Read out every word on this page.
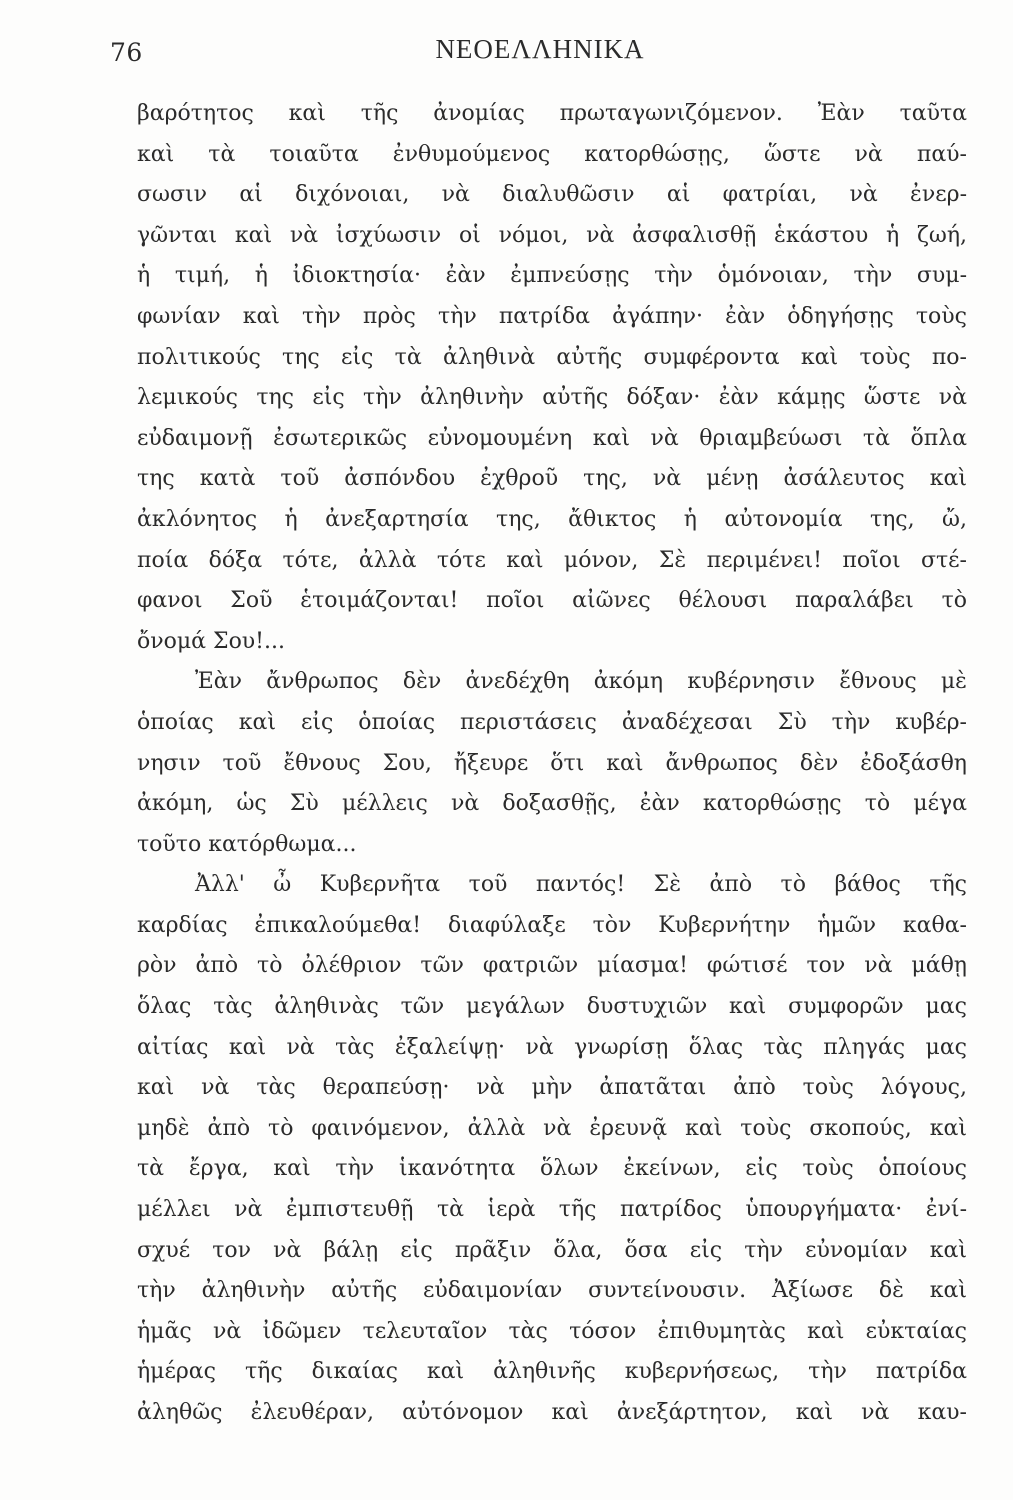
76	ΝΕΟΕΛΛΗΝΙΚΑ
βαρότητος καὶ τῆς ἀνομίας πρωταγωνιζόμενον. Ἐὰν ταῦτα
καὶ τὰ τοιαῦτα ἐνθυμούμενος κατορθώσῃς, ὥστε νὰ παύ-
σωσιν αἱ διχόνοιαι, νὰ διαλυθῶσιν αἱ φατρίαι, νὰ ἐνερ-
γῶνται καὶ νὰ ἰσχύωσιν οἱ νόμοι, νὰ ἀσφαλισθῇ ἑκάστου ἡ ζωή,
ἡ τιμή, ἡ ἰδιοκτησία· ἐὰν ἐμπνεύσῃς τὴν ὁμόνοιαν, τὴν συμ-
φωνίαν καὶ τὴν πρὸς τὴν πατρίδα ἀγάπην· ἐὰν ὁδηγήσῃς τοὺς
πολιτικούς της εἰς τὰ ἀληθινὰ αὐτῆς συμφέροντα καὶ τοὺς πο-
λεμικούς της εἰς τὴν ἀληθινὴν αὐτῆς δόξαν· ἐὰν κάμῃς ὥστε νὰ
εὐδαιμονῇ ἐσωτερικῶς εὐνομουμένη καὶ νὰ θριαμβεύωσι τὰ ὅπλα
της κατὰ τοῦ ἀσπόνδου ἐχθροῦ της, νὰ μένῃ ἀσάλευτος καὶ
ἀκλόνητος ἡ ἀνεξαρτησία της, ἄθικτος ἡ αὐτονομία της, ὤ,
ποία δόξα τότε, ἀλλὰ τότε καὶ μόνον, Σὲ περιμένει! ποῖοι στέ-
φανοι Σοῦ ἑτοιμάζονται! ποῖοι αἰῶνες θέλουσι παραλάβει τὸ
ὄνομά Σου!...
Ἐὰν ἄνθρωπος δὲν ἀνεδέχθη ἀκόμη κυβέρνησιν ἔθνους μὲ
ὁποίας καὶ εἰς ὁποίας περιστάσεις ἀναδέχεσαι Σὺ τὴν κυβέρ-
νησιν τοῦ ἔθνους Σου, ἤξευρε ὅτι καὶ ἄνθρωπος δὲν ἐδοξάσθη
ἀκόμη, ὡς Σὺ μέλλεις νὰ δοξασθῇς, ἐὰν κατορθώσῃς τὸ μέγα
τοῦτο κατόρθωμα...
Ἀλλ' ὦ Κυβερνῆτα τοῦ παντός! Σὲ ἀπὸ τὸ βάθος τῆς
καρδίας ἐπικαλούμεθα! διαφύλαξε τὸν Κυβερνήτην ἡμῶν καθα-
ρὸν ἀπὸ τὸ ὀλέθριον τῶν φατριῶν μίασμα! φώτισέ τον νὰ μάθῃ
ὅλας τὰς ἀληθινὰς τῶν μεγάλων δυστυχιῶν καὶ συμφορῶν μας
αἰτίας καὶ νὰ τὰς ἐξαλείψῃ· νὰ γνωρίσῃ ὅλας τὰς πληγάς μας
καὶ νὰ τὰς θεραπεύσῃ· νὰ μὴν ἀπατᾶται ἀπὸ τοὺς λόγους,
μηδὲ ἀπὸ τὸ φαινόμενον, ἀλλὰ νὰ ἐρευνᾷ καὶ τοὺς σκοπούς, καὶ
τὰ ἔργα, καὶ τὴν ἱκανότητα ὅλων ἐκείνων, εἰς τοὺς ὁποίους
μέλλει νὰ ἐμπιστευθῇ τὰ ἱερὰ τῆς πατρίδος ὑπουργήματα· ἐνί-
σχυέ τον νὰ βάλῃ εἰς πρᾶξιν ὅλα, ὅσα εἰς τὴν εὐνομίαν καὶ
τὴν ἀληθινὴν αὐτῆς εὐδαιμονίαν συντείνουσιν. Ἀξίωσε δὲ καὶ
ἡμᾶς νὰ ἰδῶμεν τελευταῖον τὰς τόσον ἐπιθυμητὰς καὶ εὐκταίας
ἡμέρας τῆς δικαίας καὶ ἀληθινῆς κυβερνήσεως, τὴν πατρίδα
ἀληθῶς ἐλευθέραν, αὐτόνομον καὶ ἀνεξάρτητον, καὶ νὰ καυ-
